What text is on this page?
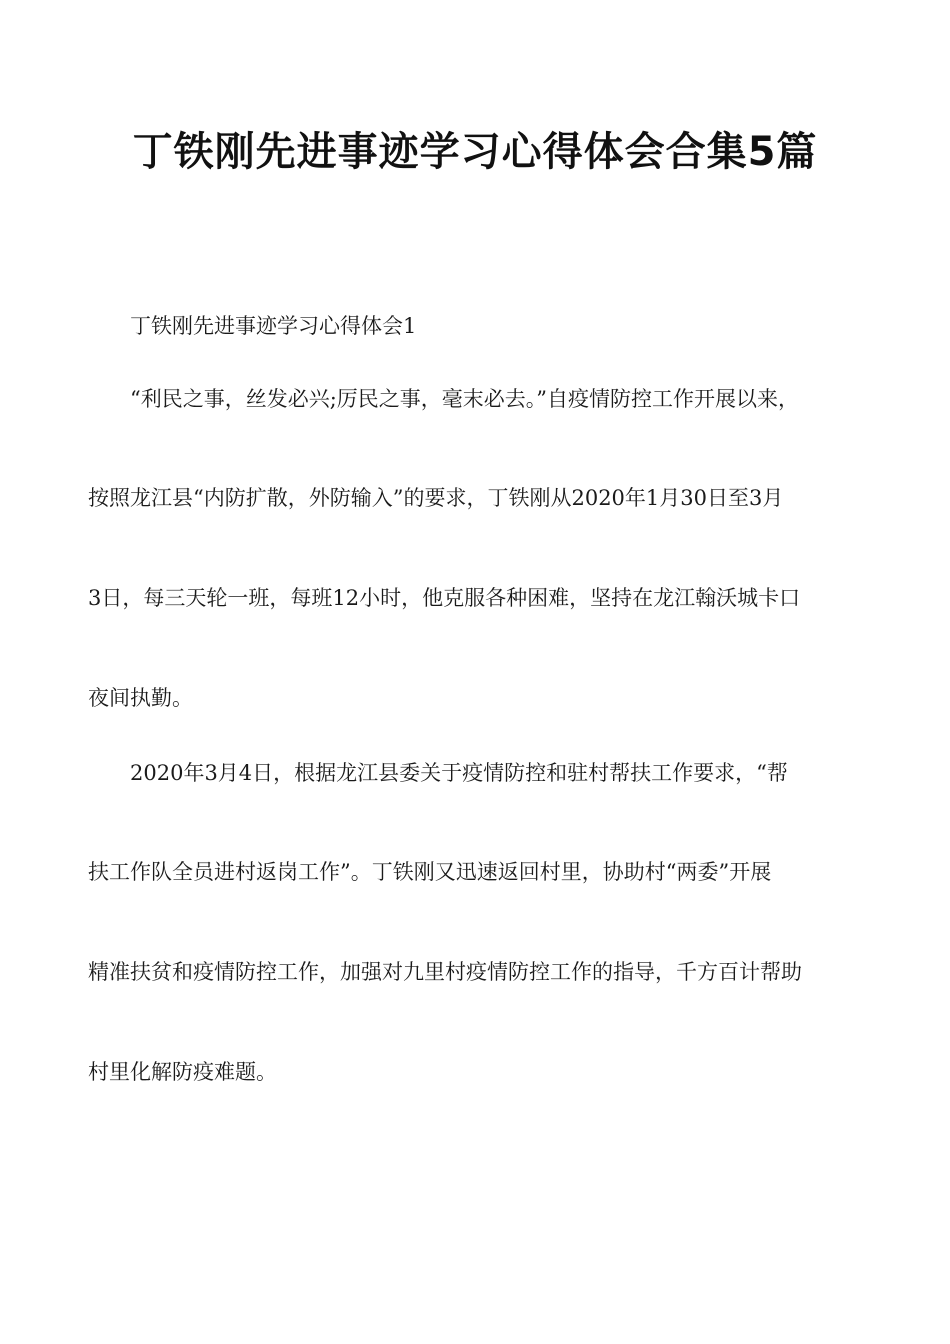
丁铁刚先进事迹学习心得体会合集5篇
丁铁刚先进事迹学习心得体会1
“利民之事，丝发必兴;厉民之事，毫末必去。”自疫情防控工作开展以来，
按照龙江县“内防扩散，外防输入”的要求，丁铁刚从2020年1月30日至3月
3日，每三天轮一班，每班12小时，他克服各种困难，坚持在龙江翰沃城卡口
夜间执勤。
2020年3月4日，根据龙江县委关于疫情防控和驻村帮扶工作要求，“帮
扶工作队全员进村返岗工作”。丁铁刚又迅速返回村里，协助村“两委”开展
精准扶贫和疫情防控工作，加强对九里村疫情防控工作的指导，千方百计帮助
村里化解防疫难题。
